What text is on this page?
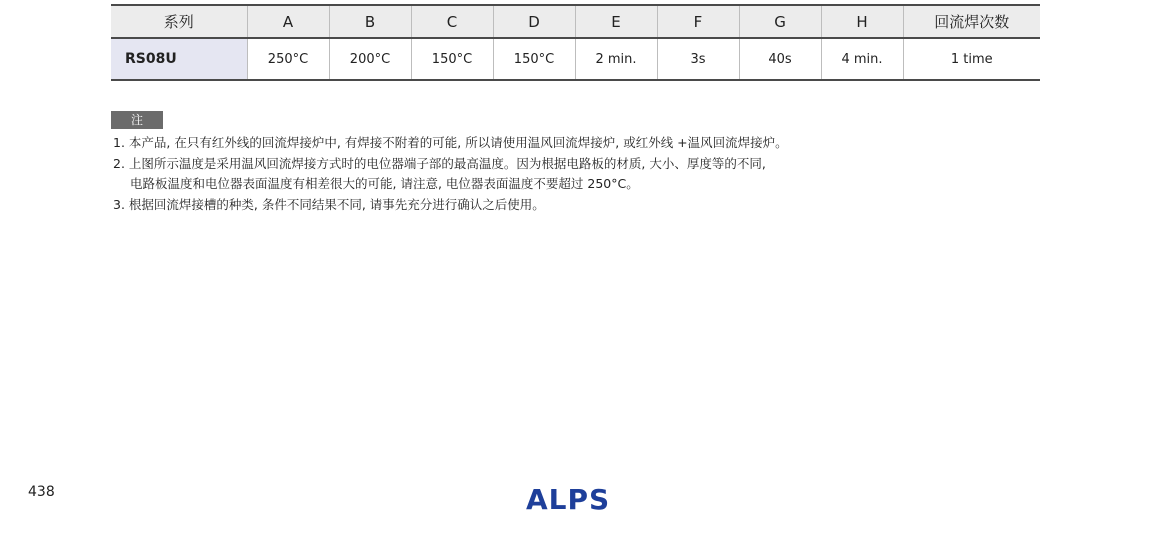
系列	A	B	C	D	E	F	G	H	回流焊次数
RS08U	250°C	200°C	150°C	150°C	2 min.	3s	40s	4 min.	1 time
注
1. 本产品, 在只有红外线的回流焊接炉中, 有焊接不附着的可能, 所以请使用温风回流焊接炉, 或红外线 +温风回流焊接炉。
2. 上图所示温度是采用温风回流焊接方式时的电位器端子部的最高温度。因为根据电路板的材质, 大小、厚度等的不同,
电路板温度和电位器表面温度有相差很大的可能, 请注意, 电位器表面温度不要超过 250°C。
3. 根据回流焊接槽的种类, 条件不同结果不同, 请事先充分进行确认之后使用。
438	ALPS
